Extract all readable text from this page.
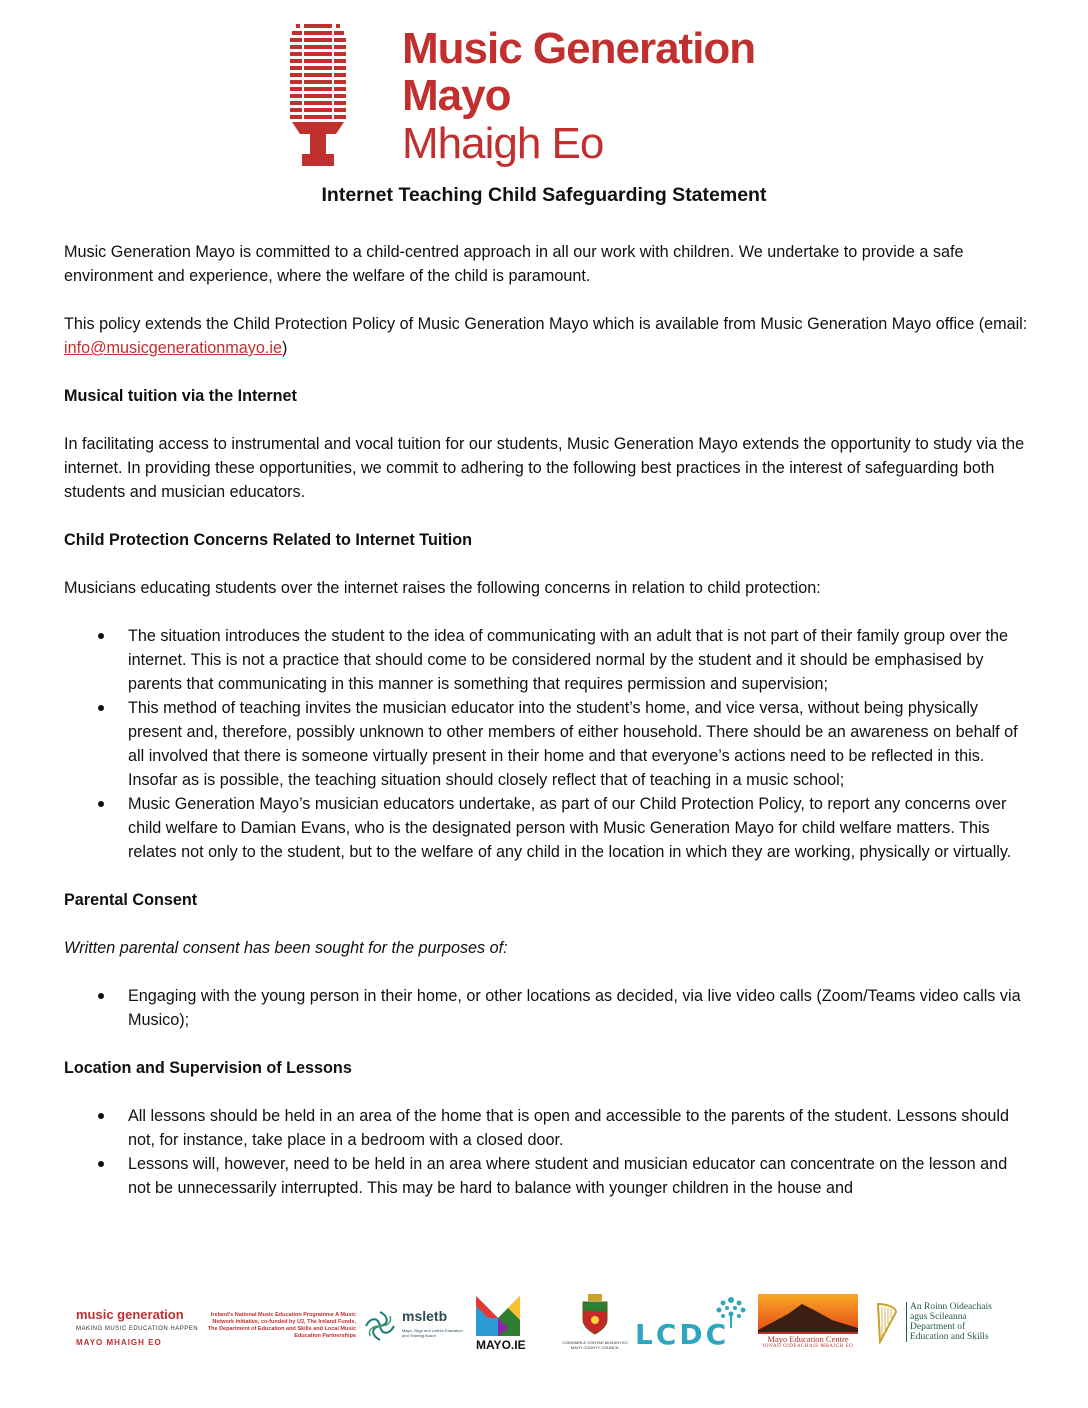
Music Generation
Mayo
Mhaigh Eo
Internet Teaching Child Safeguarding Statement

Music Generation Mayo is committed to a child-centred approach in all our work with children. We undertake to provide a safe environment and experience, where the welfare of the child is paramount.

This policy extends the Child Protection Policy of Music Generation Mayo which is available from Music Generation Mayo office (email: info@musicgenerationmayo.ie)

Musical tuition via the Internet

In facilitating access to instrumental and vocal tuition for our students, Music Generation Mayo extends the opportunity to study via the internet. In providing these opportunities, we commit to adhering to the following best practices in the interest of safeguarding both students and musician educators.

Child Protection Concerns Related to Internet Tuition

Musicians educating students over the internet raises the following concerns in relation to child protection:

The situation introduces the student to the idea of communicating with an adult that is not part of their family group over the internet. This is not a practice that should come to be considered normal by the student and it should be emphasised by parents that communicating in this manner is something that requires permission and supervision;
This method of teaching invites the musician educator into the student’s home, and vice versa, without being physically present and, therefore, possibly unknown to other members of either household. There should be an awareness on behalf of all involved that there is someone virtually present in their home and that everyone’s actions need to be reflected in this. Insofar as is possible, the teaching situation should closely reflect that of teaching in a music school;
Music Generation Mayo’s musician educators undertake, as part of our Child Protection Policy, to report any concerns over child welfare to Damian Evans, who is the designated person with Music Generation Mayo for child welfare matters. This relates not only to the student, but to the welfare of any child in the location in which they are working, physically or virtually.
Parental Consent

Written parental consent has been sought for the purposes of:

Engaging with the young person in their home, or other locations as decided, via live video calls (Zoom/Teams video calls via Musico);
Location and Supervision of Lessons
All lessons should be held in an area of the home that is open and accessible to the parents of the student. Lessons should not, for instance, take place in a bedroom with a closed door.
Lessons will, however, need to be held in an area where student and musician educator can concentrate on the lesson and not be unnecessarily interrupted. This may be hard to balance with younger children in the house and
music generation
MAKING MUSIC EDUCATION HAPPEN
MAYO MHAIGH EO
Ireland's National Music Education Programme A Music Network initiative, co-funded by U2, The Ireland Funds, The Department of Education and Skills and Local Music Education Partnerships
msletb
Mayo, Sligo and Leitrim Education and Training Board
MAYO.IE	COMHAIRLE CONTAE MHAIGH EO MAYO COUNTY COUNCIL LCDC	Mayo Education Centre
IONAD OIDEACHAIS MHAIGH EO
An Roinn Oideachais
agus Scileanna
Department of
Education and Skills
